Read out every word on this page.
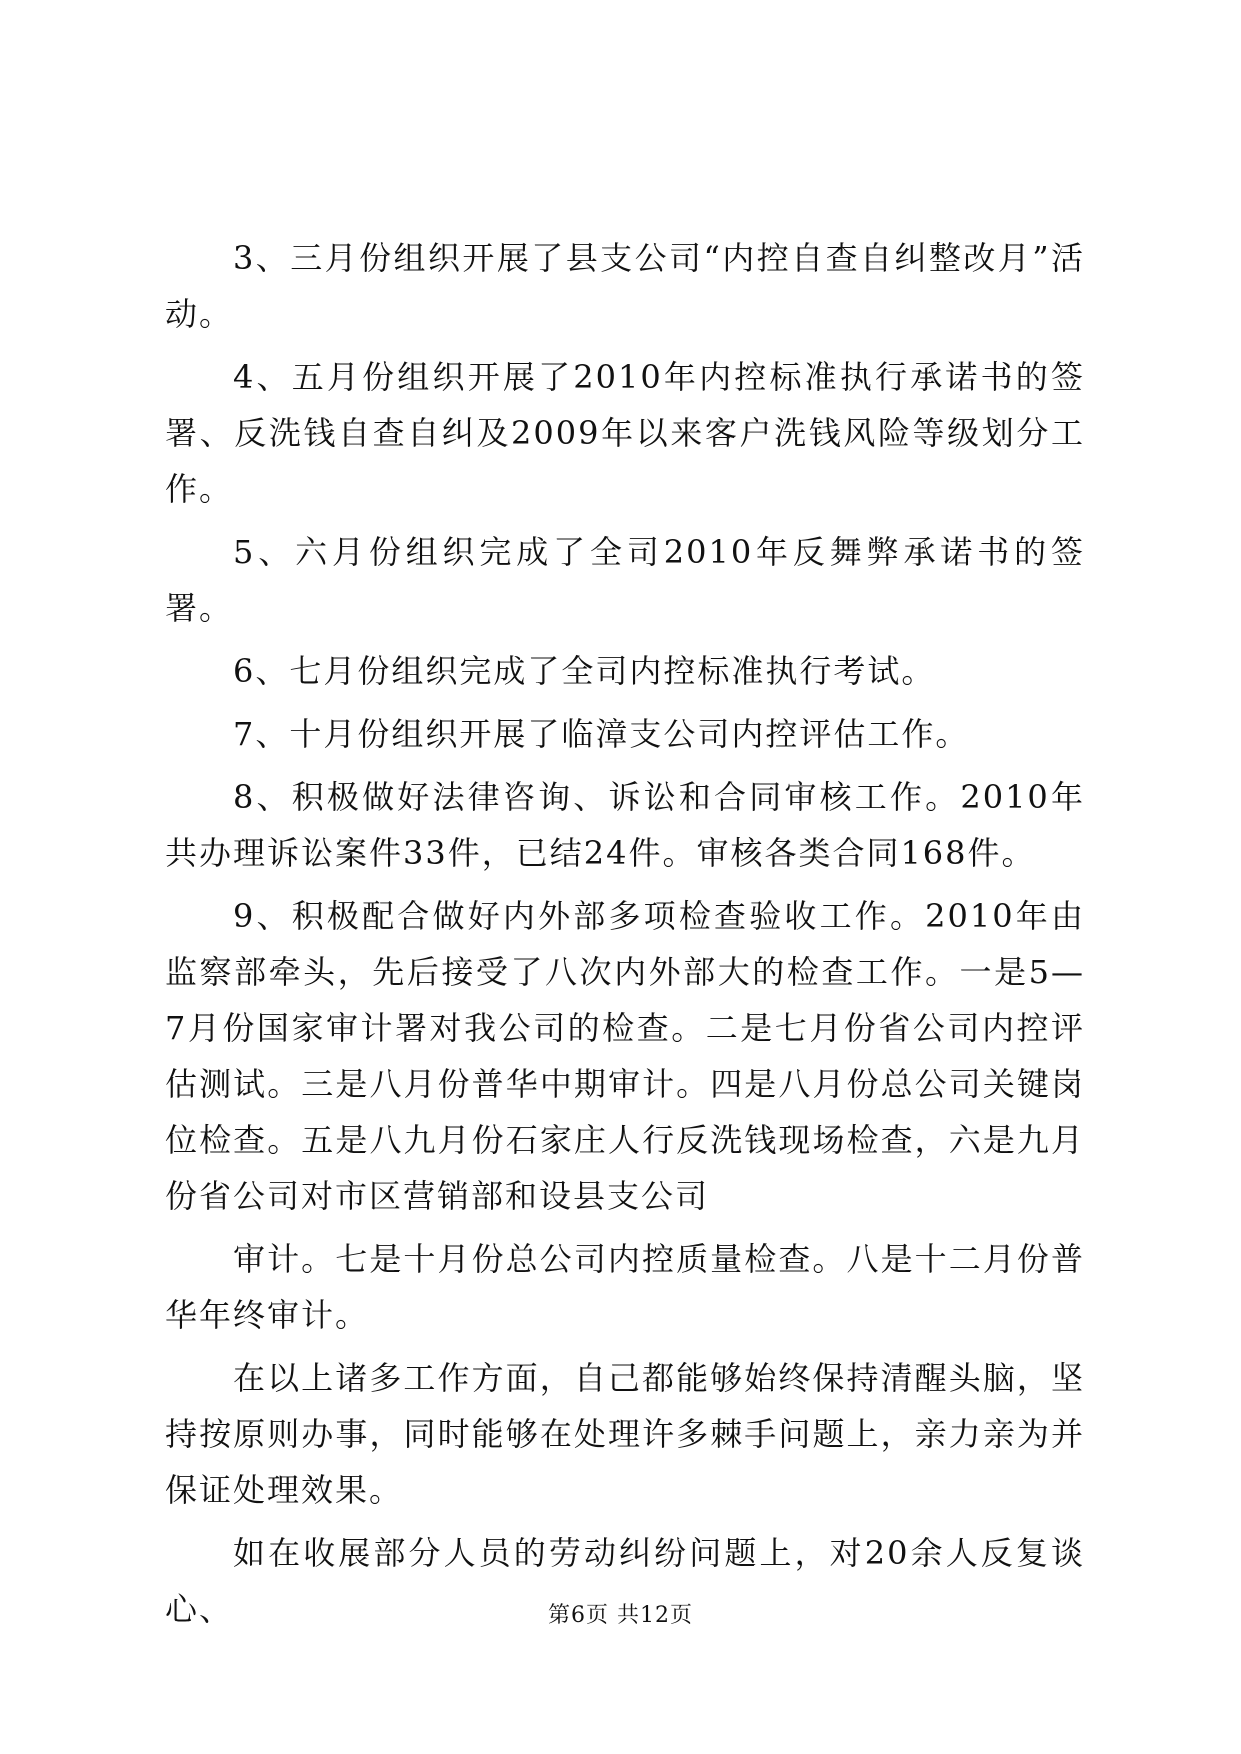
3、三月份组织开展了县支公司“内控自查自纠整改月”活动。

4、五月份组织开展了2010年内控标准执行承诺书的签署、反洗钱自查自纠及2009年以来客户洗钱风险等级划分工作。

5、六月份组织完成了全司2010年反舞弊承诺书的签署。

6、七月份组织完成了全司内控标准执行考试。

7、十月份组织开展了临漳支公司内控评估工作。

8、积极做好法律咨询、诉讼和合同审核工作。2010年共办理诉讼案件33件，已结24件。审核各类合同168件。

9、积极配合做好内外部多项检查验收工作。2010年由监察部牵头，先后接受了八次内外部大的检查工作。一是5—7月份国家审计署对我公司的检查。二是七月份省公司内控评估测试。三是八月份普华中期审计。四是八月份总公司关键岗位检查。五是八九月份石家庄人行反洗钱现场检查，六是九月份省公司对市区营销部和设县支公司

审计。七是十月份总公司内控质量检查。八是十二月份普华年终审计。

在以上诸多工作方面，自己都能够始终保持清醒头脑，坚持按原则办事，同时能够在处理许多棘手问题上，亲力亲为并保证处理效果。

如在收展部分人员的劳动纠纷问题上，对20余人反复谈心、	第6页 共12页
